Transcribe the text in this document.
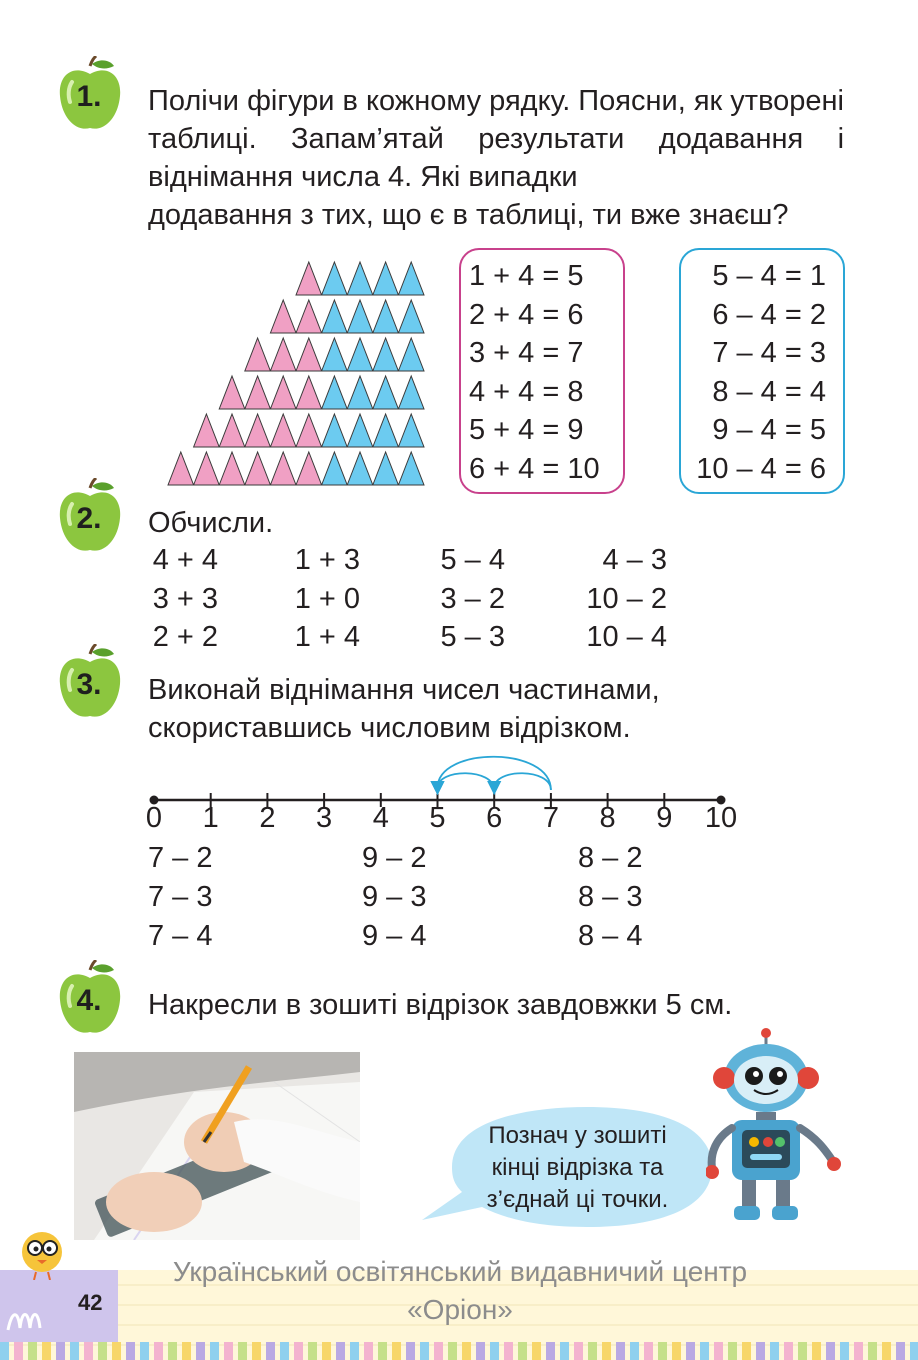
1.	Полічи фігури в кожному рядку. Поясни, як утворені таблиці. Запам’ятай результати додавання і віднімання числа 4. Які випадки
додавання з тих, що є в таблиці, ти вже знаєш?
1 + 4 = 5
2 + 4 = 6
3 + 4 = 7
4 + 4 = 8
5 + 4 = 9
6 + 4 = 10
5 – 4 = 1
6 – 4 = 2
7 – 4 = 3
8 – 4 = 4
9 – 4 = 5
10 – 4 = 6
2.	Обчисли.
4 + 4	1 + 3	5 – 4	4 – 3
3 + 3	1 + 0	3 – 2	10 – 2
2 + 2	1 + 4	5 – 3	10 – 4
3.	Виконай віднімання чисел частинами,
скориставшись числовим відрізком.
0	1	2	3	4	5	6	7	8	9	10
7 – 2	9 – 2	8 – 2
7 – 3	9 – 3	8 – 3
7 – 4	9 – 4	8 – 4
4.	Накресли в зошиті відрізок завдовжки 5 см.
Познач у зошиті
кінці відрізка та
з’єднай ці точки.
Український освітянський видавничий центр
«Оріон»
42
